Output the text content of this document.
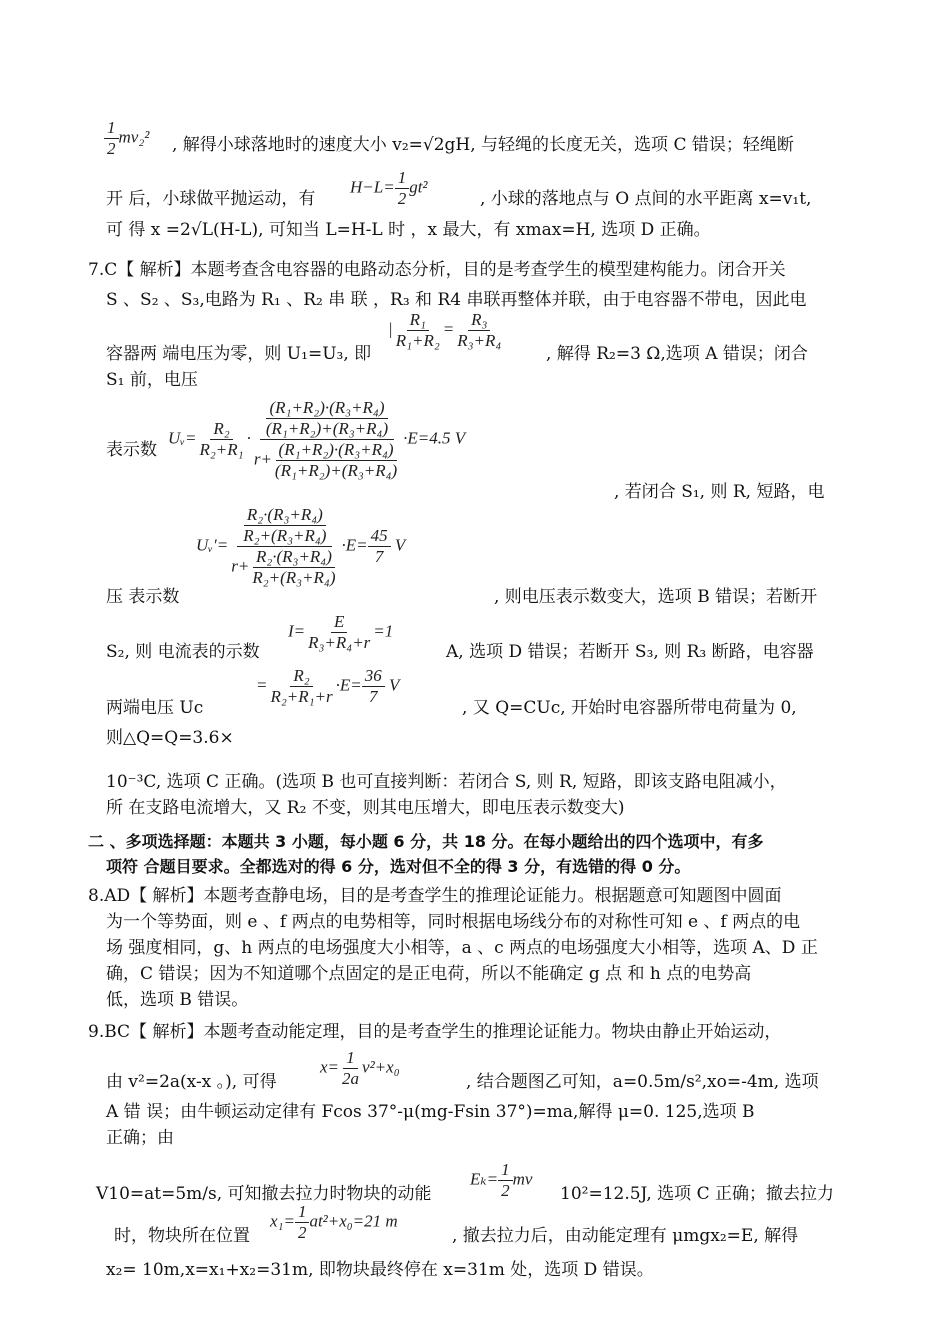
$\frac{1}{2} mv_2^2$ , 解得小球落地时的速度大小 v₂=√2gH, 与轻绳的长度无关，选项 C 错误；轻绳断
开 后，小球做平抛运动，有
$H-L= \frac{1}{2} gt^2$
, 小球的落地点与 O 点间的水平距离 x=v₁t,
可 得 x =2√L(H-L), 可知当 L=H-L 时 ，x 最大，有 xmax=H, 选项 D 正确。
7.C【 解析】本题考查含电容器的电路动态分析，目的是考查学生的模型建构能力。闭合开关
S 、S₂ 、S₃,电路为 R₁ 、R₂ 串 联 ，R₃ 和 R4 串联再整体并联，由于电容器不带电，因此电
容器两 端电压为零，则 U₁=U₃, 即
| $\frac{\text{R₁}}{\text{R₁+R₂}} = \frac{\text{R₃}}{\text{R₃+R₄}}$
, 解得 R₂=3 Ω,选项 A 错误；闭合
S₁ 前，电压
表示数
Uᵥ= $\frac{\text{R₂}}{\text{R₂+R₁}} \cdot \frac{\frac{\text{(R₁+R₂)·(R₃+R₄)}}{\text{(R₁+R₂)+(R₃+R₄)}}}{r+ \frac{\text{(R₁+R₂)·(R₃+R₄)}}{\text{(R₁+R₂)+(R₃+R₄)}}} \cdot E=4.5$ V
, 若闭合 S₁, 则 R, 短路，电
Uᵥ′= $\frac{\frac{\text{R₂·(R₃+R₄)}}{\text{R₂+(R₃+R₄)}}}{r+ \frac{\text{R₂·(R₃+R₄)}}{\text{R₂+(R₃+R₄)}}} \cdot E= \frac{45}{7}$ V
压 表示数	, 则电压表示数变大，选项 B 错误；若断开
S₂, 则 电流表的示数
$I= \frac{E}{\text{R₃+R₄+r}} =1$
A, 选项 D 错误；若断开 S₃, 则 R₃ 断路，电容器
两端电压 Uc
= $\frac{\text{R₂}}{\text{R₂+R₁+r}} \cdot E= \frac{36}{7}$ V
, 又 Q=CUc, 开始时电容器所带电荷量为 0,
则△Q=Q=3.6×
10⁻³C, 选项 C 正确。(选项 B 也可直接判断：若闭合 S, 则 R, 短路，即该支路电阻减小，
所 在支路电流增大，又 R₂ 不变，则其电压增大，即电压表示数变大)
二 、多项选择题：本题共 3 小题，每小题 6 分，共 18 分。在每小题给出的四个选项中，有多
项符 合题目要求。全都选对的得 6 分，选对但不全的得 3 分，有选错的得 0 分。
8.AD【 解析】本题考查静电场，目的是考查学生的推理论证能力。根据题意可知题图中圆面
为一个等势面，则 e 、f 两点的电势相等，同时根据电场线分布的对称性可知 e 、f 两点的电
场 强度相同，g、h 两点的电场强度大小相等，a 、c 两点的电场强度大小相等，选项 A、D 正
确，C 错误；因为不知道哪个点固定的是正电荷，所以不能确定 g 点 和 h 点的电势高
低，选项 B 错误。
9.BC【 解析】本题考查动能定理，目的是考查学生的推理论证能力。物块由静止开始运动，
由 v²=2a(x-x 。), 可得
$x= \frac{1}{2a} v^2+x_0$
, 结合题图乙可知，a=0.5m/s²,xo=-4m, 选项
A 错 误；由牛顿运动定律有 Fcos 37°-μ(mg-Fsin 37°)=ma,解得 μ=0. 125,选项 B
正确；由
V10=at=5m/s, 可知撤去拉力时物块的动能
$E_k= \frac{1}{2}$ mv
10²=12.5J, 选项 C 正确；撤去拉力
时，物块所在位置
$x_1= \frac{1}{2} at^2+x_0=21$ m
, 撤去拉力后，由动能定理有 μmgx₂=E, 解得
x₂= 10m,x=x₁+x₂=31m, 即物块最终停在 x=31m 处，选项 D 错误。
